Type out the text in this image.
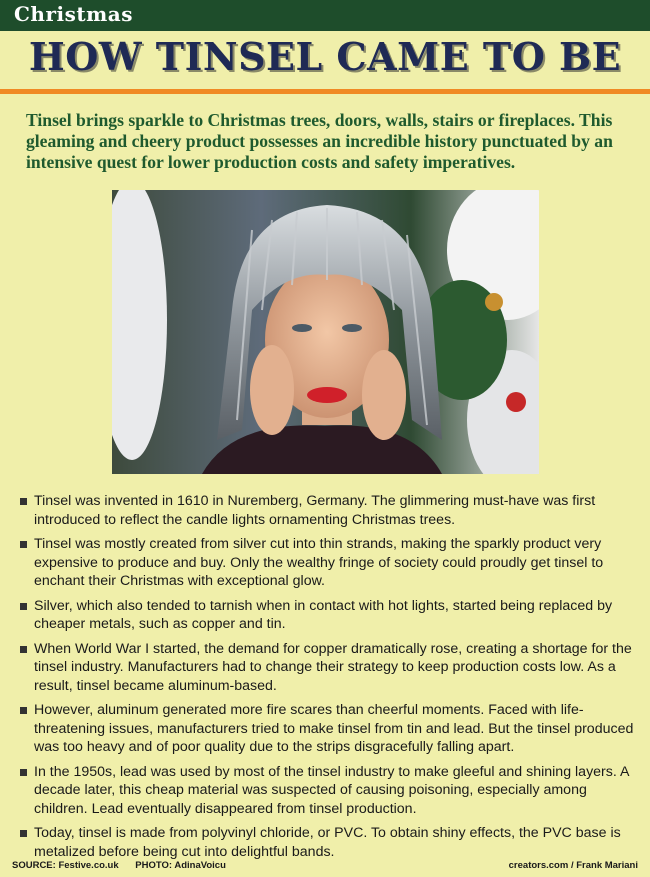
Christmas
HOW TINSEL CAME TO BE
Tinsel brings sparkle to Christmas trees, doors, walls, stairs or fireplaces. This gleaming and cheery product possesses an incredible history punctuated by an intensive quest for lower production costs and safety imperatives.
Tinsel was invented in 1610 in Nuremberg, Germany. The glimmering must-have was first introduced to reflect the candle lights ornamenting Christmas trees.
Tinsel was mostly created from silver cut into thin strands, making the sparkly product very expensive to produce and buy. Only the wealthy fringe of society could proudly get tinsel to enchant their Christmas with exceptional glow.
Silver, which also tended to tarnish when in contact with hot lights, started being replaced by cheaper metals, such as copper and tin.
When World War I started, the demand for copper dramatically rose, creating a shortage for the tinsel industry. Manufacturers had to change their strategy to keep production costs low. As a result, tinsel became aluminum-based.
However, aluminum generated more fire scares than cheerful moments. Faced with life-threatening issues, manufacturers tried to make tinsel from tin and lead. But the tinsel produced was too heavy and of poor quality due to the strips disgracefully falling apart.
In the 1950s, lead was used by most of the tinsel industry to make gleeful and shining layers. A decade later, this cheap material was suspected of causing poisoning, especially among children. Lead eventually disappeared from tinsel production.
Today, tinsel is made from polyvinyl chloride, or PVC. To obtain shiny effects, the PVC base is metalized before being cut into delightful bands.
SOURCE: Festive.co.uk PHOTO: AdinaVoicu	creators.com / Frank Mariani
